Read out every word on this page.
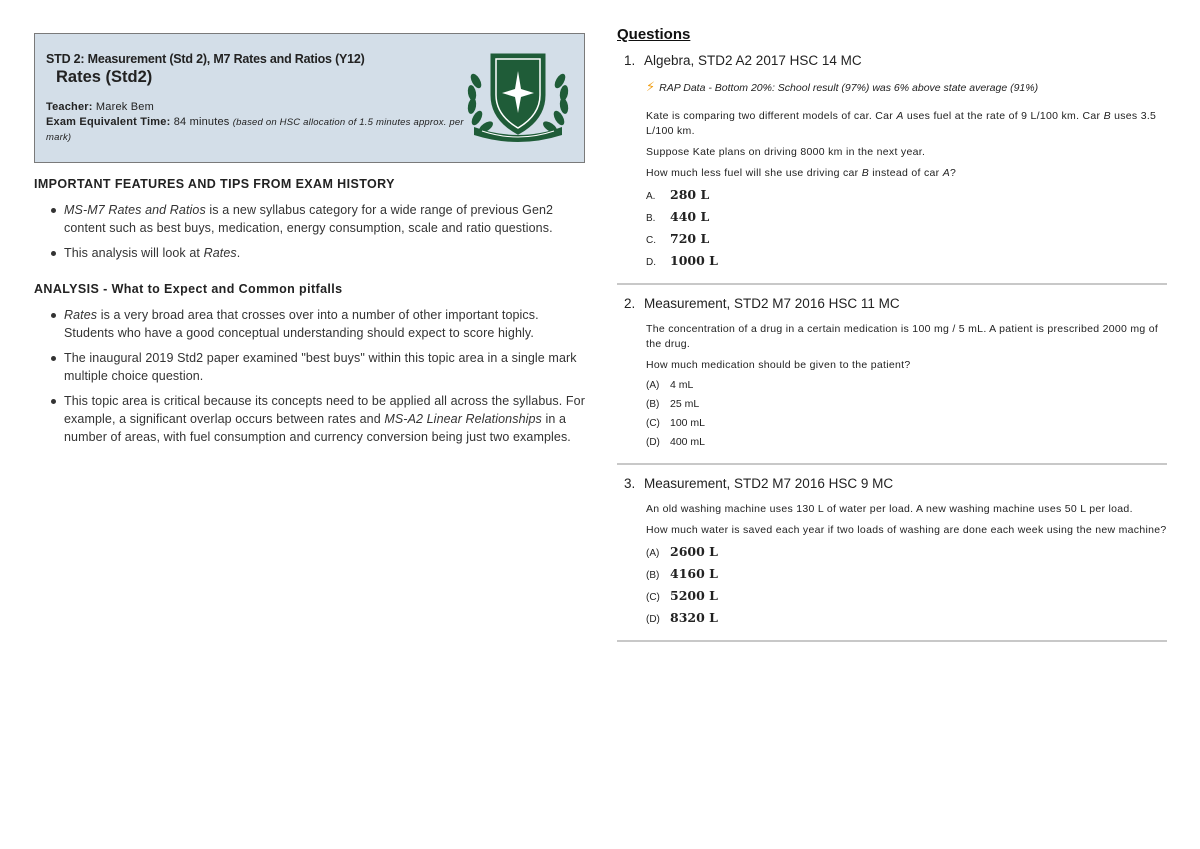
STD 2: Measurement (Std 2), M7 Rates and Ratios (Y12)
Rates (Std2)
Teacher: Marek Bem
Exam Equivalent Time: 84 minutes (based on HSC allocation of 1.5 minutes approx. per mark)
IMPORTANT FEATURES AND TIPS FROM EXAM HISTORY
MS-M7 Rates and Ratios is a new syllabus category for a wide range of previous Gen2 content such as best buys, medication, energy consumption, scale and ratio questions.
This analysis will look at Rates.
ANALYSIS - What to Expect and Common pitfalls
Rates is a very broad area that crosses over into a number of other important topics. Students who have a good conceptual understanding should expect to score highly.
The inaugural 2019 Std2 paper examined "best buys" within this topic area in a single mark multiple choice question.
This topic area is critical because its concepts need to be applied all across the syllabus. For example, a significant overlap occurs between rates and MS-A2 Linear Relationships in a number of areas, with fuel consumption and currency conversion being just two examples.
Questions
1. Algebra, STD2 A2 2017 HSC 14 MC
⚡ RAP Data - Bottom 20%: School result (97%) was 6% above state average (91%)
Kate is comparing two different models of car. Car A uses fuel at the rate of 9 L/100 km. Car B uses 3.5 L/100 km.
Suppose Kate plans on driving 8000 km in the next year.
How much less fuel will she use driving car B instead of car A?
A.	280 L
B.	440 L
C.	720 L
D.	1000 L
2. Measurement, STD2 M7 2016 HSC 11 MC
The concentration of a drug in a certain medication is 100 mg / 5 mL. A patient is prescribed 2000 mg of the drug.
How much medication should be given to the patient?
(A)	4 mL
(B)	25 mL
(C) 100 mL
(D) 400 mL
3. Measurement, STD2 M7 2016 HSC 9 MC
An old washing machine uses 130 L of water per load. A new washing machine uses 50 L per load.
How much water is saved each year if two loads of washing are done each week using the new machine?
(A) 2600 L
(B) 4160 L
(C) 5200 L
(D) 8320 L
